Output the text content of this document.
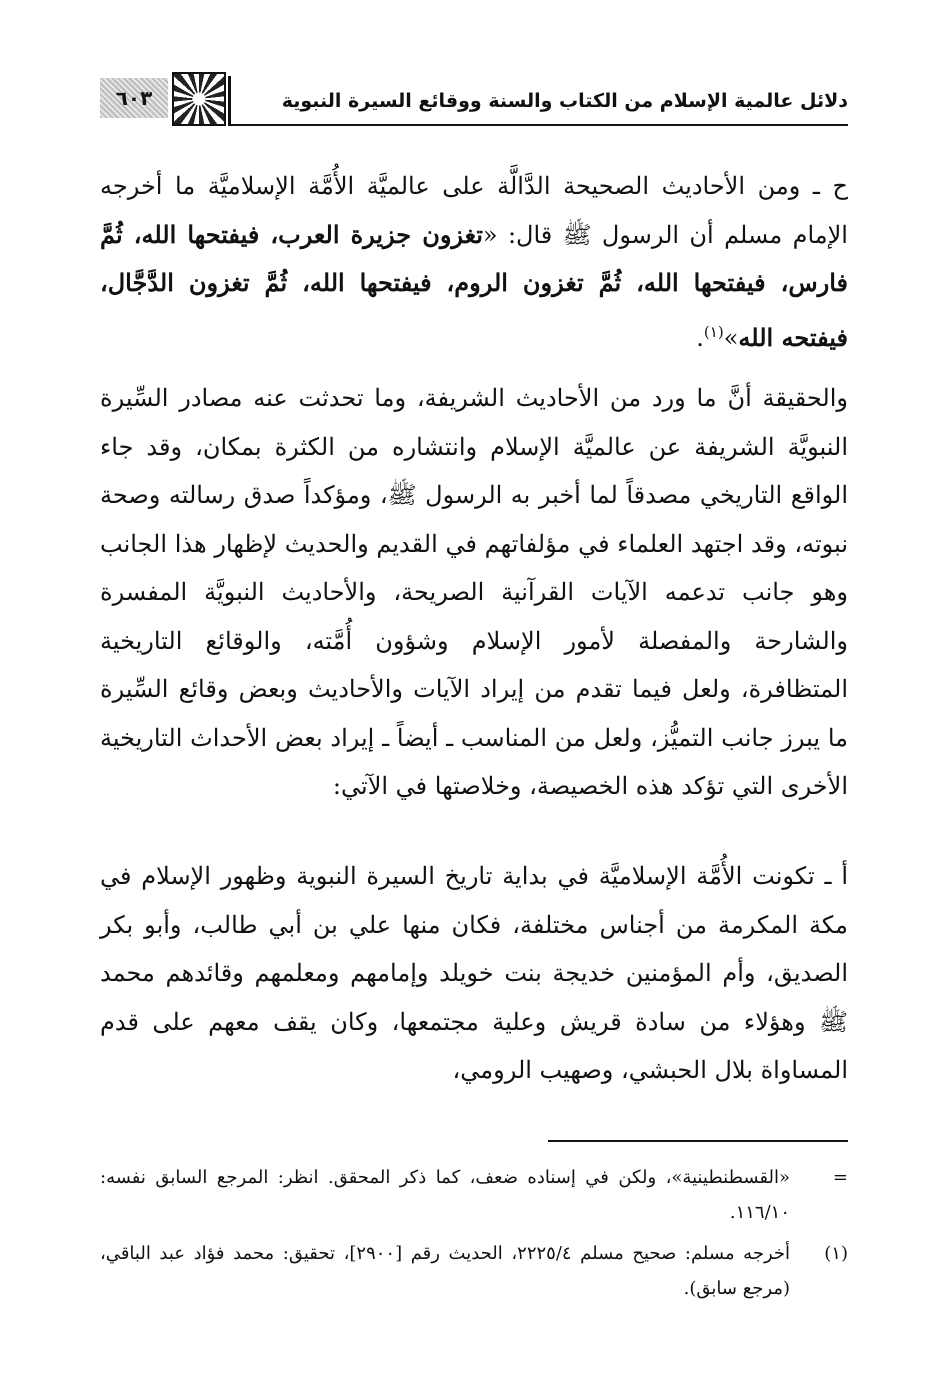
٦٠٣	دلائل عالمية الإسلام من الكتاب والسنة ووقائع السيرة النبوية

ح ـ ومن الأحاديث الصحيحة الدَّالَّة على عالميَّة الأُمَّة الإسلاميَّة ما أخرجه الإمام مسلم أن الرسول ﷺ قال: «تغزون جزيرة العرب، فيفتحها الله، ثُمَّ فارس، فيفتحها الله، ثُمَّ تغزون الروم، فيفتحها الله، ثُمَّ تغزون الدَّجَّال، فيفتحه الله»$^{(١)}$.

والحقيقة أنَّ ما ورد من الأحاديث الشريفة، وما تحدثت عنه مصادر السِّيرة النبويَّة الشريفة عن عالميَّة الإسلام وانتشاره من الكثرة بمكان، وقد جاء الواقع التاريخي مصدقاً لما أخبر به الرسول ﷺ، ومؤكداً صدق رسالته وصحة نبوته، وقد اجتهد العلماء في مؤلفاتهم في القديم والحديث لإظهار هذا الجانب وهو جانب تدعمه الآيات القرآنية الصريحة، والأحاديث النبويَّة المفسرة والشارحة والمفصلة لأمور الإسلام وشؤون أُمَّته، والوقائع التاريخية المتظافرة، ولعل فيما تقدم من إيراد الآيات والأحاديث وبعض وقائع السِّيرة ما يبرز جانب التميُّز، ولعل من المناسب ـ أيضاً ـ إيراد بعض الأحداث التاريخية الأخرى التي تؤكد هذه الخصيصة، وخلاصتها في الآتي:

أ ـ تكونت الأُمَّة الإسلاميَّة في بداية تاريخ السيرة النبوية وظهور الإسلام في مكة المكرمة من أجناس مختلفة، فكان منها علي بن أبي طالب، وأبو بكر الصديق، وأم المؤمنين خديجة بنت خويلد وإمامهم ومعلمهم وقائدهم محمد ﷺ وهؤلاء من سادة قريش وعلية مجتمعها، وكان يقف معهم على قدم المساواة بلال الحبشي، وصهيب الرومي،

=
«القسطنطينية»، ولكن في إسناده ضعف، كما ذكر المحقق. انظر: المرجع السابق نفسه: ١١٦/١٠.
(١)
أخرجه مسلم: صحيح مسلم ٢٢٢٥/٤، الحديث رقم [٢٩٠٠]، تحقيق: محمد فؤاد عبد الباقي، (مرجع سابق).
